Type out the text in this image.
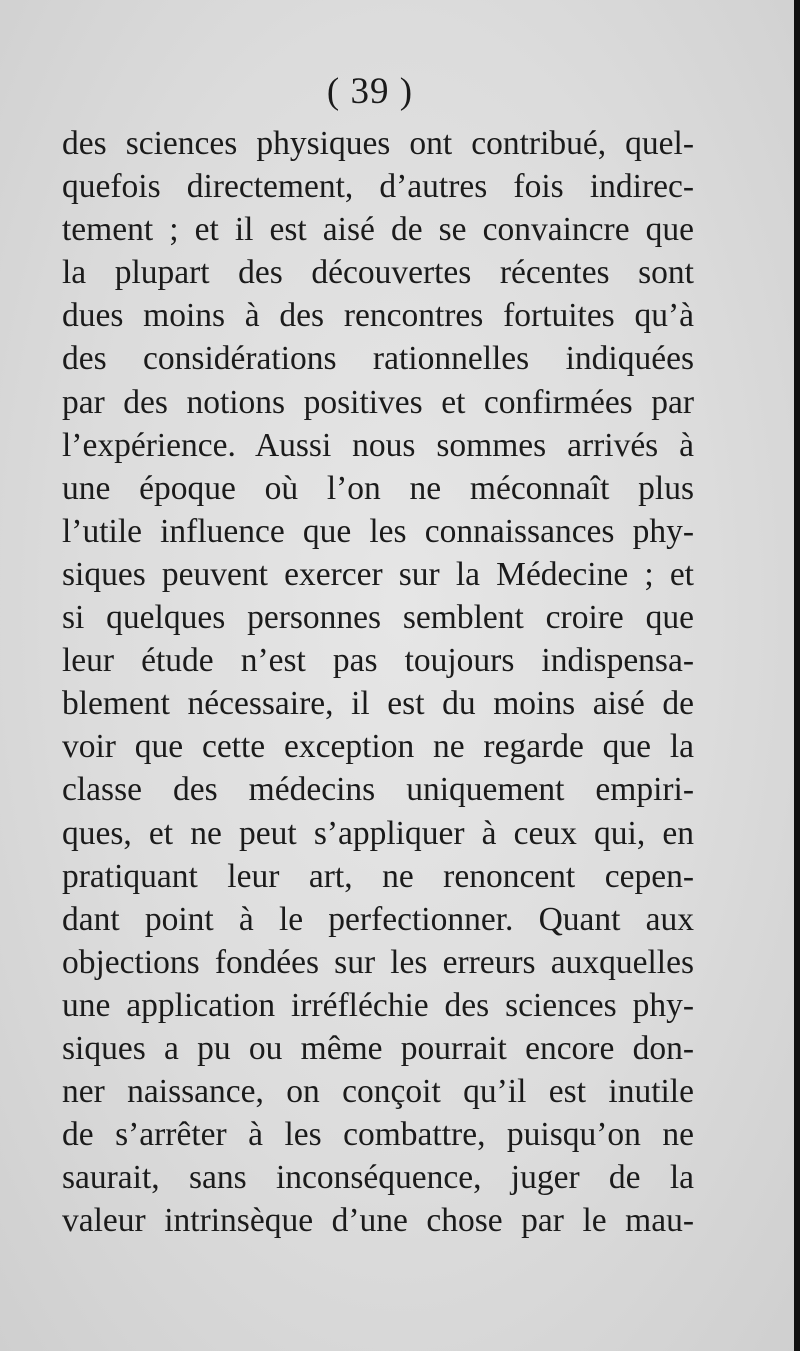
( 39 )
des sciences physiques ont contribué, quel-
quefois directement, d’autres fois indirec-
tement ; et il est aisé de se convaincre que
la plupart des découvertes récentes sont
dues moins à des rencontres fortuites qu’à
des considérations rationnelles indiquées
par des notions positives et confirmées par
l’expérience. Aussi nous sommes arrivés à
une époque où l’on ne méconnaît plus
l’utile influence que les connaissances phy-
siques peuvent exercer sur la Médecine ; et
si quelques personnes semblent croire que
leur étude n’est pas toujours indispensa-
blement nécessaire, il est du moins aisé de
voir que cette exception ne regarde que la
classe des médecins uniquement empiri-
ques, et ne peut s’appliquer à ceux qui, en
pratiquant leur art, ne renoncent cepen-
dant point à le perfectionner. Quant aux
objections fondées sur les erreurs auxquelles
une application irréfléchie des sciences phy-
siques a pu ou même pourrait encore don-
ner naissance, on conçoit qu’il est inutile
de s’arrêter à les combattre, puisqu’on ne
saurait, sans inconséquence, juger de la
valeur intrinsèque d’une chose par le mau-
